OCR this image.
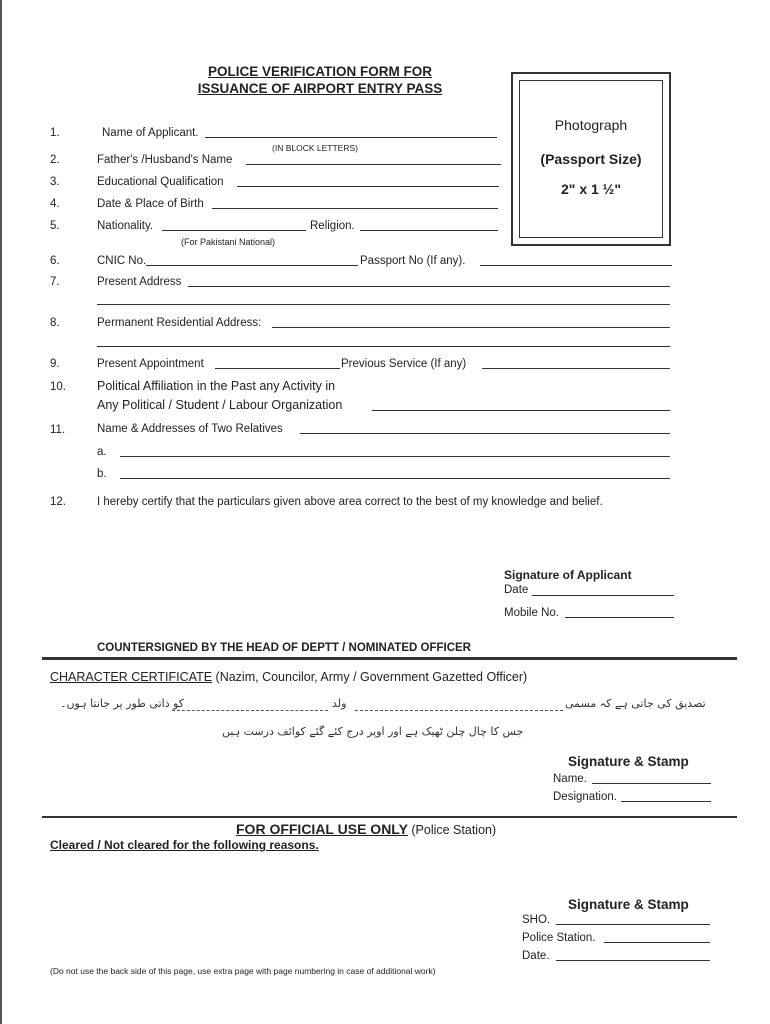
POLICE VERIFICATION FORM FOR
ISSUANCE OF AIRPORT ENTRY PASS
Photograph
(Passport Size)
2" x 1 ½"
1.	Name of Applicant.
(IN BLOCK LETTERS)
2.	Father's /Husband's Name
3.	Educational Qualification
4.	Date & Place of Birth
5.	Nationality.	Religion.
(For Pakistani National)
6.	CNIC No.	Passport No (If any).
7.	Present Address
8.	Permanent Residential Address:
9.	Present Appointment	Previous Service (If any)
10. Political Affiliation in the Past any Activity in
Any Political / Student / Labour Organization
11.	Name & Addresses of Two Relatives
a.
b.
12.	I hereby certify that the particulars given above area correct to the best of my knowledge and belief.
Signature of Applicant
Date
Mobile No.
COUNTERSIGNED BY THE HEAD OF DEPTT / NOMINATED OFFICER
CHARACTER CERTIFICATE (Nazim, Councilor, Army / Government Gazetted Officer)
تصدیق کی جاتی ہے کہ مسمی
ولد
کو ذاتی طور پر جانتا ہوں۔
جس کا چال چلن ٹھیک ہے اور اوپر درج کئے گئے کوائف درست ہیں
Signature & Stamp
Name.
Designation.
FOR OFFICIAL USE ONLY (Police Station)
Cleared / Not cleared for the following reasons.
Signature & Stamp
SHO.
Police Station.
Date.
(Do not use the back side of this page, use extra page with page numbering in case of additional work)
